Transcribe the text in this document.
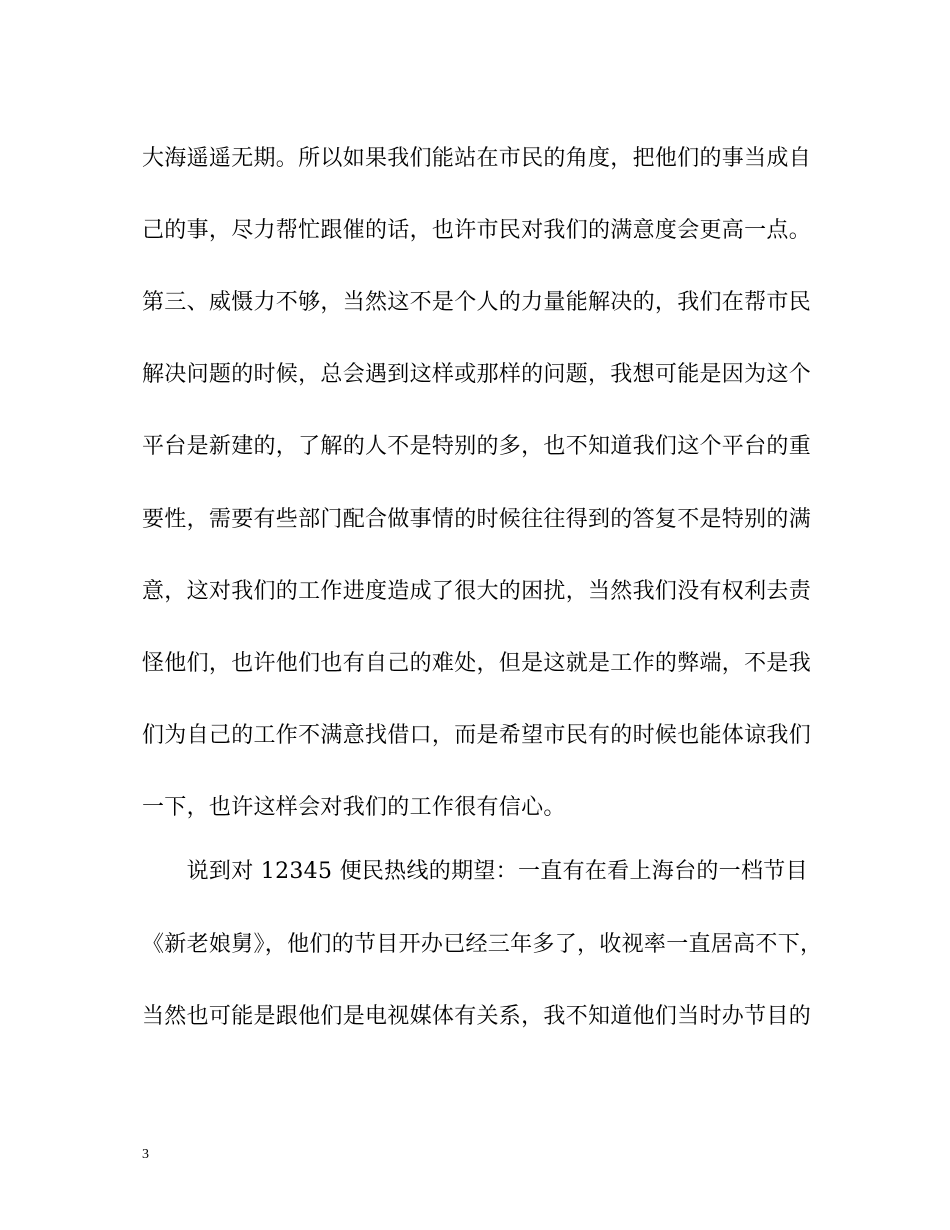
大海遥遥无期。所以如果我们能站在市民的角度，把他们的事当成自
己的事，尽力帮忙跟催的话，也许市民对我们的满意度会更高一点。
第三、威慑力不够，当然这不是个人的力量能解决的，我们在帮市民
解决问题的时候，总会遇到这样或那样的问题，我想可能是因为这个
平台是新建的，了解的人不是特别的多，也不知道我们这个平台的重
要性，需要有些部门配合做事情的时候往往得到的答复不是特别的满
意，这对我们的工作进度造成了很大的困扰，当然我们没有权利去责
怪他们，也许他们也有自己的难处，但是这就是工作的弊端，不是我
们为自己的工作不满意找借口，而是希望市民有的时候也能体谅我们
一下，也许这样会对我们的工作很有信心。
　　说到对 12345 便民热线的期望：一直有在看上海台的一档节目
《新老娘舅》，他们的节目开办已经三年多了，收视率一直居高不下，
当然也可能是跟他们是电视媒体有关系，我不知道他们当时办节目的
3
